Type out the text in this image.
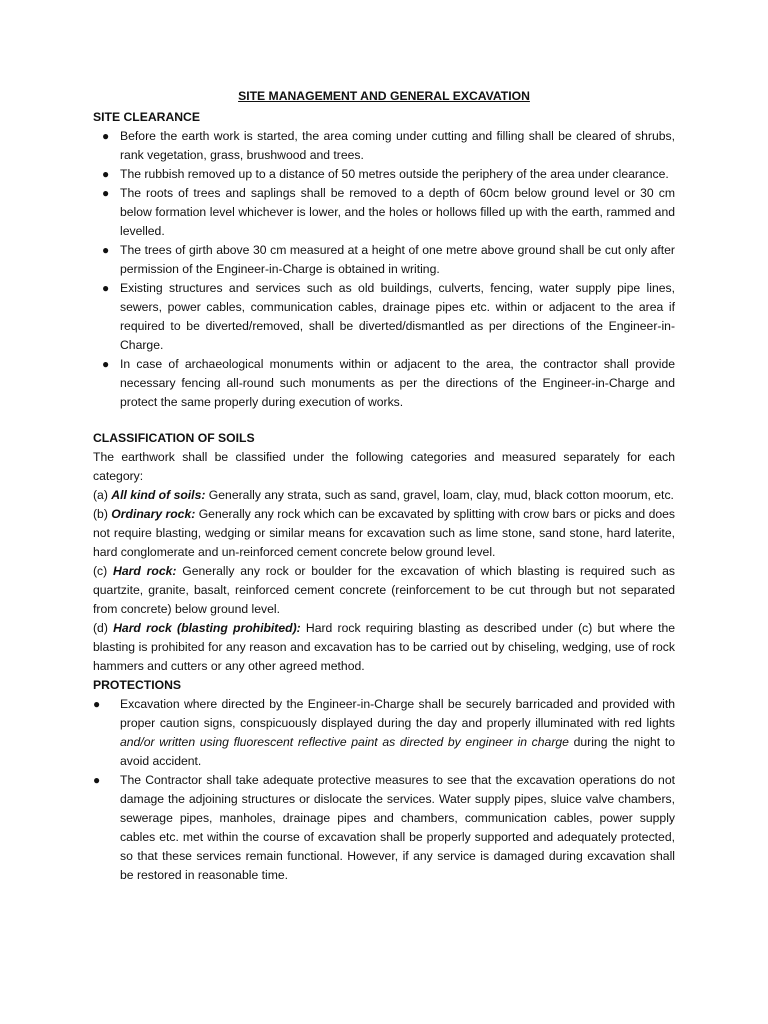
SITE MANAGEMENT AND GENERAL EXCAVATION

SITE CLEARANCE

● Before the earth work is started, the area coming under cutting and filling shall be cleared of shrubs, rank vegetation, grass, brushwood and trees.
● The rubbish removed up to a distance of 50 metres outside the periphery of the area under clearance.
● The roots of trees and saplings shall be removed to a depth of 60cm below ground level or 30 cm below formation level whichever is lower, and the holes or hollows filled up with the earth, rammed and levelled.
● The trees of girth above 30 cm measured at a height of one metre above ground shall be cut only after permission of the Engineer-in-Charge is obtained in writing.
● Existing structures and services such as old buildings, culverts, fencing, water supply pipe lines, sewers, power cables, communication cables, drainage pipes etc. within or adjacent to the area if required to be diverted/removed, shall be diverted/dismantled as per directions of the Engineer-in- Charge.
● In case of archaeological monuments within or adjacent to the area, the contractor shall provide necessary fencing all-round such monuments as per the directions of the Engineer-in-Charge and protect the same properly during execution of works.

CLASSIFICATION OF SOILS

The earthwork shall be classified under the following categories and measured separately for each category:

(a) All kind of soils: Generally any strata, such as sand, gravel, loam, clay, mud, black cotton moorum, etc.

(b) Ordinary rock: Generally any rock which can be excavated by splitting with crow bars or picks and does not require blasting, wedging or similar means for excavation such as lime stone, sand stone, hard laterite, hard conglomerate and un-reinforced cement concrete below ground level.

(c) Hard rock: Generally any rock or boulder for the excavation of which blasting is required such as quartzite, granite, basalt, reinforced cement concrete (reinforcement to be cut through but not separated from concrete) below ground level.

(d) Hard rock (blasting prohibited): Hard rock requiring blasting as described under (c) but where the blasting is prohibited for any reason and excavation has to be carried out by chiseling, wedging, use of rock hammers and cutters or any other agreed method.

PROTECTIONS

● Excavation where directed by the Engineer-in-Charge shall be securely barricaded and provided with proper caution signs, conspicuously displayed during the day and properly illuminated with red lights and/or written using fluorescent reflective paint as directed by engineer in charge during the night to avoid accident.
● The Contractor shall take adequate protective measures to see that the excavation operations do not damage the adjoining structures or dislocate the services. Water supply pipes, sluice valve chambers, sewerage pipes, manholes, drainage pipes and chambers, communication cables, power supply cables etc. met within the course of excavation shall be properly supported and adequately protected, so that these services remain functional. However, if any service is damaged during excavation shall be restored in reasonable time.
